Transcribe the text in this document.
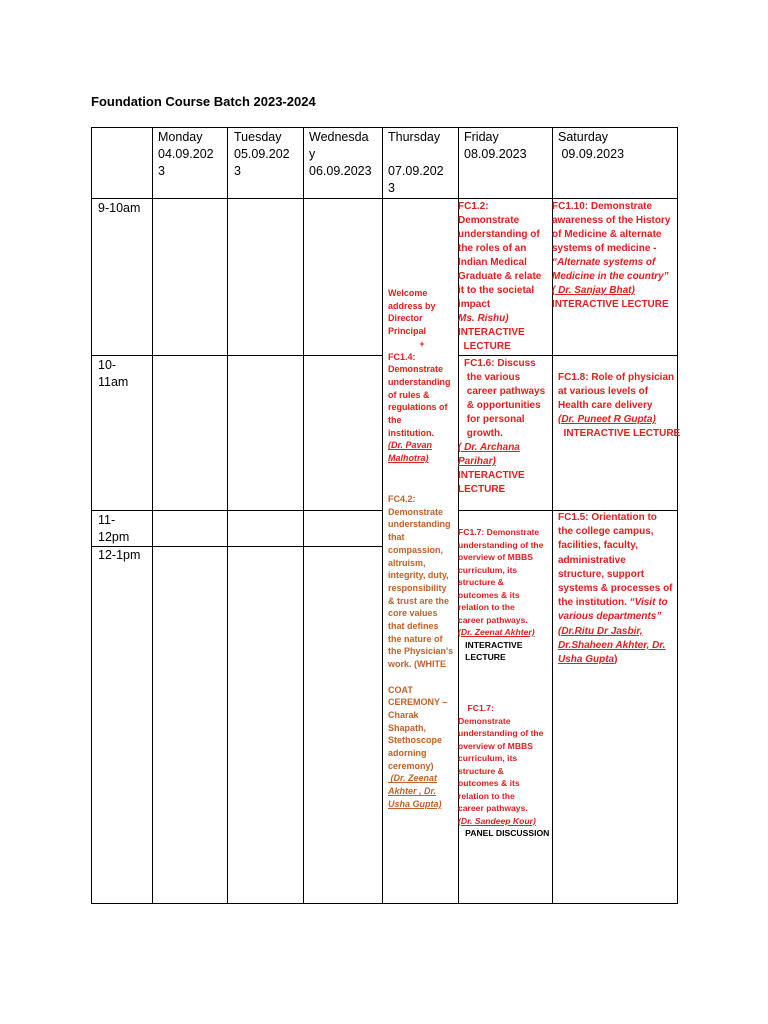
Foundation Course Batch 2023-2024
Monday
04.09.202
3
Tuesday
05.09.202
3
Wednesda
y
06.09.2023
Thursday
07.09.202
3
Friday
08.09.2023
Saturday
09.09.2023
9-10am
10-
11am
11-
12pm
12-1pm

Welcome

address by

Director

Principal

+

FC1.4:

Demonstrate

understanding

of rules &

regulations of

the

institution.

(Dr. Pavan

Malhotra)

FC4.2:

Demonstrate

understanding

that

compassion,

altruism,

integrity, duty,

responsibility

& trust are the

core values

that defines

the nature of

the Physician's

work. (WHITE

COAT

CEREMONY –

Charak

Shapath,

Stethoscope

adorning

ceremony)

(Dr. Zeenat

Akhter , Dr.

Usha Gupta)

FC1.2:

Demonstrate

understanding of

the roles of an

Indian Medical

Graduate & relate

it to the societal

impact

Ms. Rishu)

INTERACTIVE

LECTURE

FC1.6: Discuss

the various

career pathways

& opportunities

for personal

growth.

( Dr. Archana

Parihar)

INTERACTIVE

LECTURE

FC1.7: Demonstrate

understanding of the

overview of MBBS

curriculum, its

structure &

outcomes & its

relation to the

career pathways.

(Dr. Zeenat Akhter)

INTERACTIVE

LECTURE

FC1.7:

Demonstrate

understanding of the

overview of MBBS

curriculum, its

structure &

outcomes & its

relation to the

career pathways.

(Dr. Sandeep Kour)

PANEL DISCUSSION

FC1.10: Demonstrate

awareness of the History

of Medicine & alternate

systems of medicine -

“Alternate systems of

Medicine in the country”

( Dr. Sanjay Bhat)

INTERACTIVE LECTURE

FC1.8: Role of physician

at various levels of

Health care delivery

(Dr. Puneet R Gupta)

INTERACTIVE LECTURE

FC1.5: Orientation to

the college campus,

facilities, faculty,

administrative

structure, support

systems & processes of

the institution. “Visit to

various departments”

(Dr.Ritu Dr Jasbir,

Dr.Shaheen Akhter, Dr.

Usha Gupta)
